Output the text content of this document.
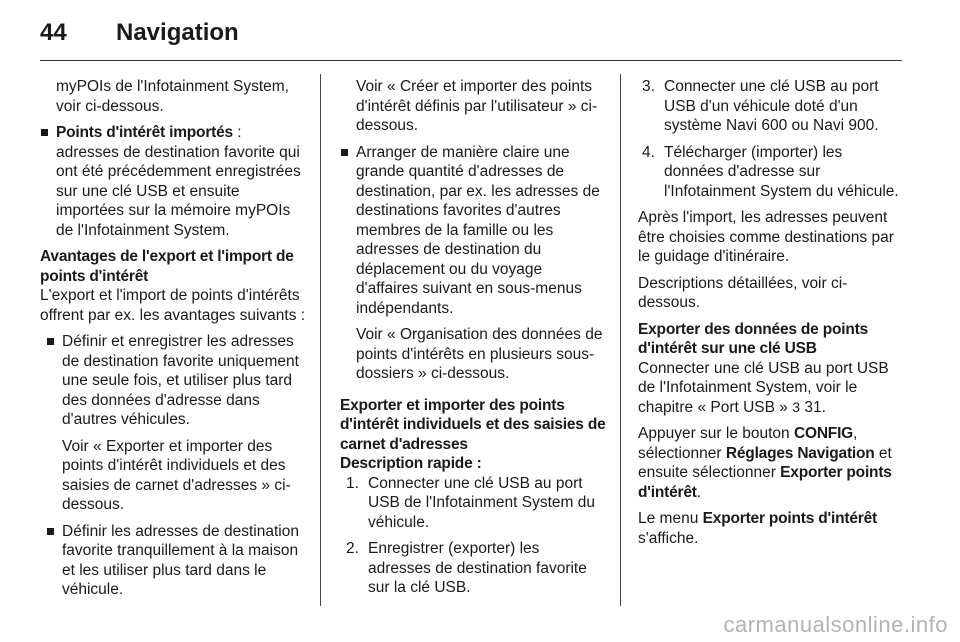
44 Navigation

myPOIs de l'Infotainment System, voir ci-dessous.

Points d'intérêt importés : adresses de destination favorite qui ont été précédemment enregistrées sur une clé USB et ensuite importées sur la mémoire myPOIs de l'Infotainment System.

Avantages de l'export et l'import de points d'intérêt

L'export et l'import de points d'intérêts offrent par ex. les avantages suivants :

Définir et enregistrer les adresses de destination favorite uniquement une seule fois, et utiliser plus tard des données d'adresse dans d'autres véhicules.

Voir « Exporter et importer des points d'intérêt individuels et des saisies de carnet d'adresses » ci-dessous.

Définir les adresses de destination favorite tranquillement à la maison et les utiliser plus tard dans le véhicule.

Voir « Créer et importer des points d'intérêt définis par l'utilisateur » ci-dessous.

Arranger de manière claire une grande quantité d'adresses de destination, par ex. les adresses de destinations favorites d'autres membres de la famille ou les adresses de destination du déplacement ou du voyage d'affaires suivant en sous-menus indépendants.

Voir « Organisation des données de points d'intérêts en plusieurs sous-dossiers » ci-dessous.

Exporter et importer des points d'intérêt individuels et des saisies de carnet d'adresses

Description rapide :

1. Connecter une clé USB au port USB de l'Infotainment System du véhicule.
2. Enregistrer (exporter) les adresses de destination favorite sur la clé USB.
3. Connecter une clé USB au port USB d'un véhicule doté d'un système Navi 600 ou Navi 900.
4. Télécharger (importer) les données d'adresse sur l'Infotainment System du véhicule.

Après l'import, les adresses peuvent être choisies comme destinations par le guidage d'itinéraire.

Descriptions détaillées, voir ci-dessous.

Exporter des données de points d'intérêt sur une clé USB

Connecter une clé USB au port USB de l'Infotainment System, voir le chapitre « Port USB » 3 31.

Appuyer sur le bouton CONFIG, sélectionner Réglages Navigation et ensuite sélectionner Exporter points d'intérêt.

Le menu Exporter points d'intérêt s'affiche.

carmanualsonline.info
